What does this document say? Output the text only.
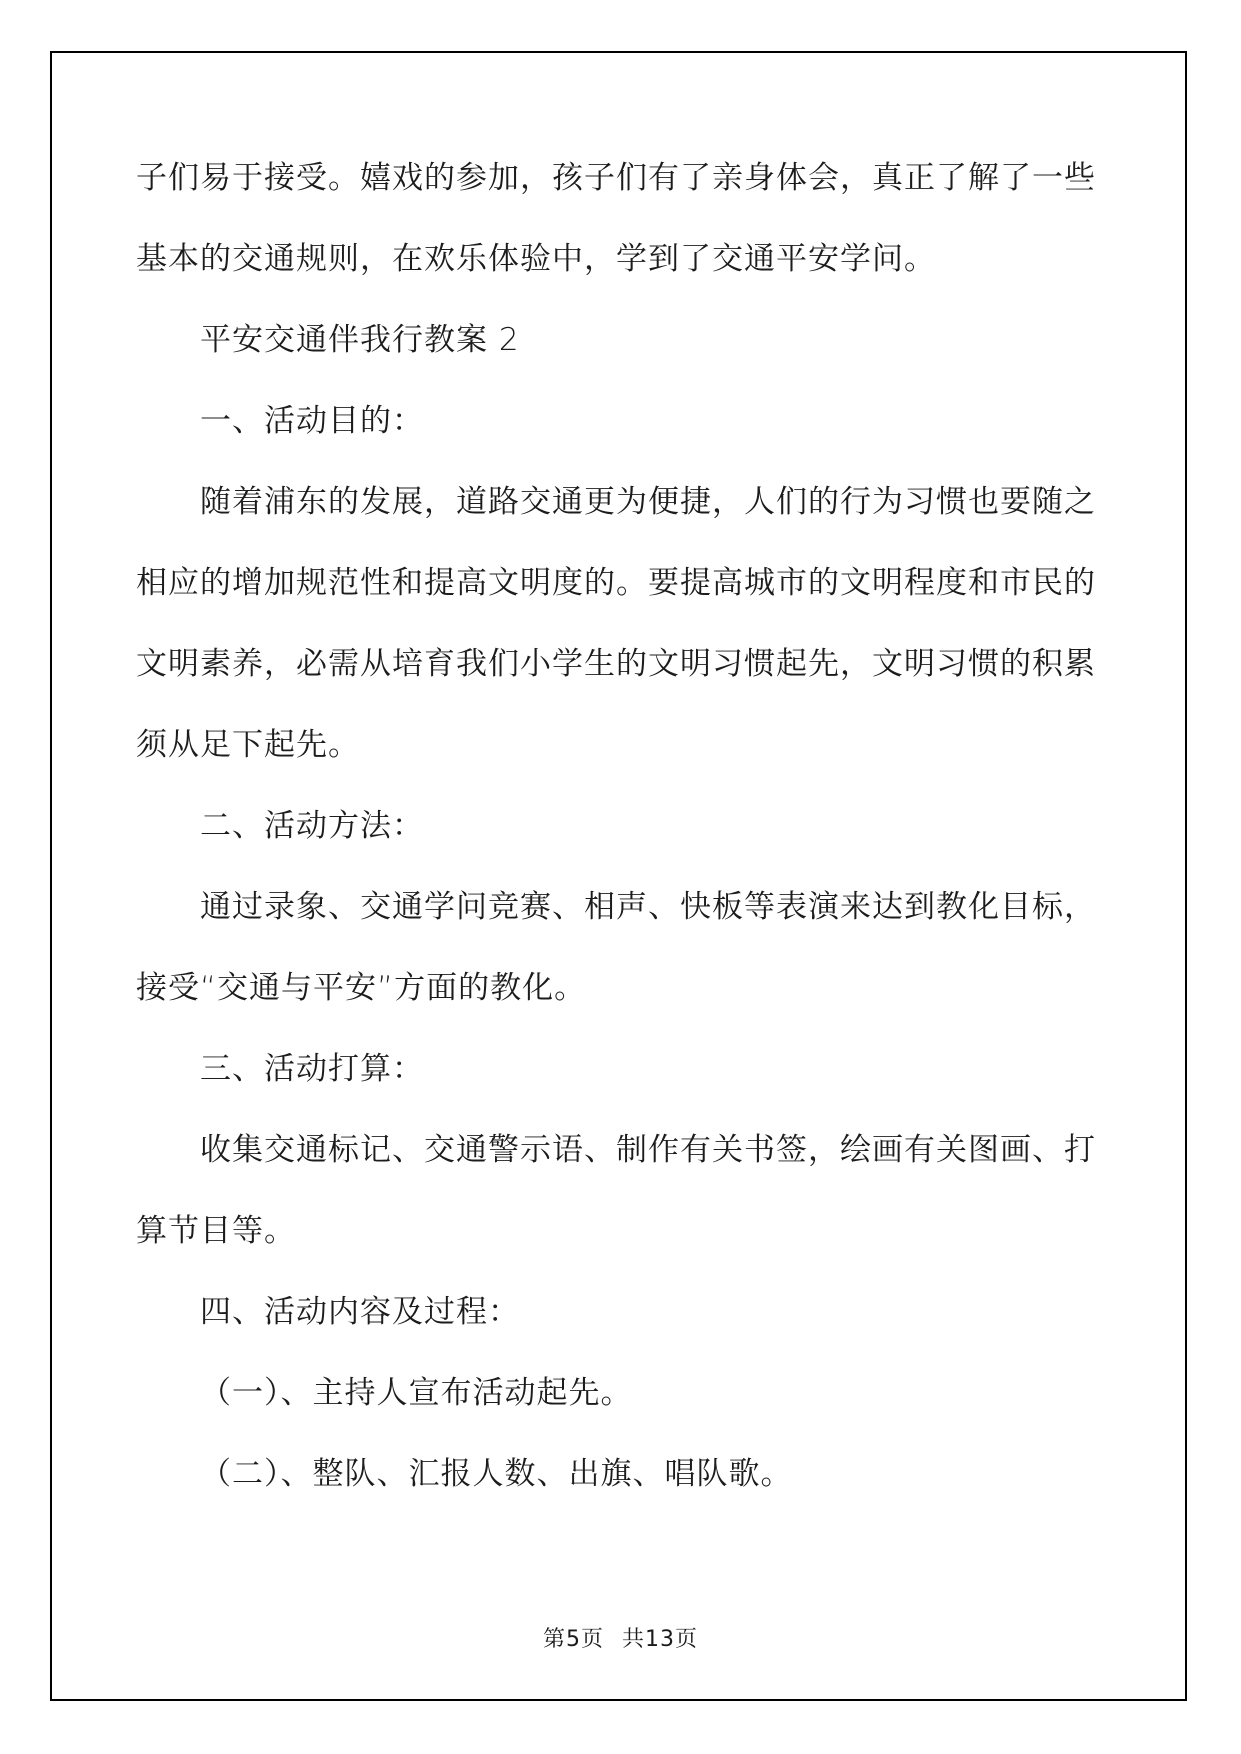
子们易于接受。嬉戏的参加，孩子们有了亲身体会，真正了解了一些
基本的交通规则，在欢乐体验中，学到了交通平安学问。
平安交通伴我行教案 2
一、活动目的：
随着浦东的发展，道路交通更为便捷，人们的行为习惯也要随之
相应的增加规范性和提高文明度的。要提高城市的文明程度和市民的
文明素养，必需从培育我们小学生的文明习惯起先，文明习惯的积累
须从足下起先。
二、活动方法：
通过录象、交通学问竞赛、相声、快板等表演来达到教化目标，
接受“交通与平安”方面的教化。
三、活动打算：
收集交通标记、交通警示语、制作有关书签，绘画有关图画、打
算节目等。
四、活动内容及过程：
（一）、主持人宣布活动起先。
（二）、整队、汇报人数、出旗、唱队歌。
第5页 共13页
